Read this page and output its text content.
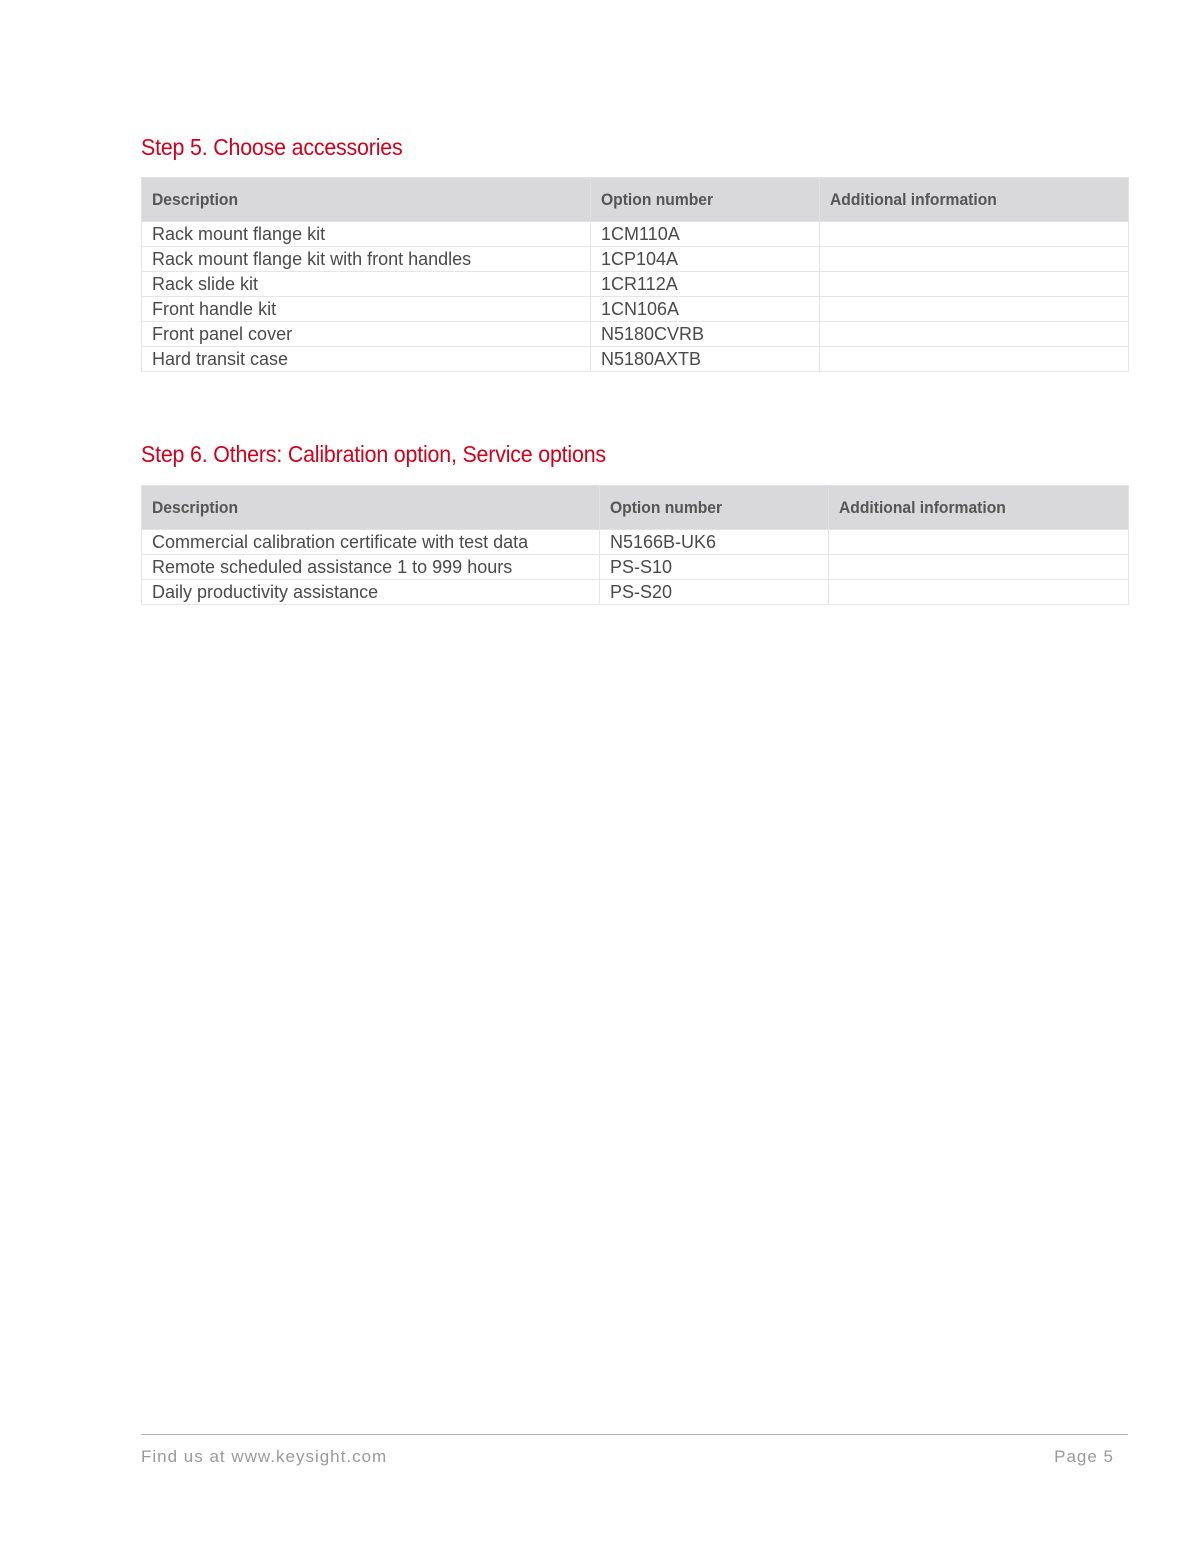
Step 5. Choose accessories
Description	Option number	Additional information
Rack mount flange kit	1CM110A	
Rack mount flange kit with front handles	1CP104A	
Rack slide kit	1CR112A	
Front handle kit	1CN106A	
Front panel cover	N5180CVRB	
Hard transit case	N5180AXTB	
Step 6. Others: Calibration option, Service options
Description	Option number	Additional information
Commercial calibration certificate with test data	N5166B-UK6	
Remote scheduled assistance 1 to 999 hours	PS-S10	
Daily productivity assistance	PS-S20	
Find us at www.keysight.com	Page 5
